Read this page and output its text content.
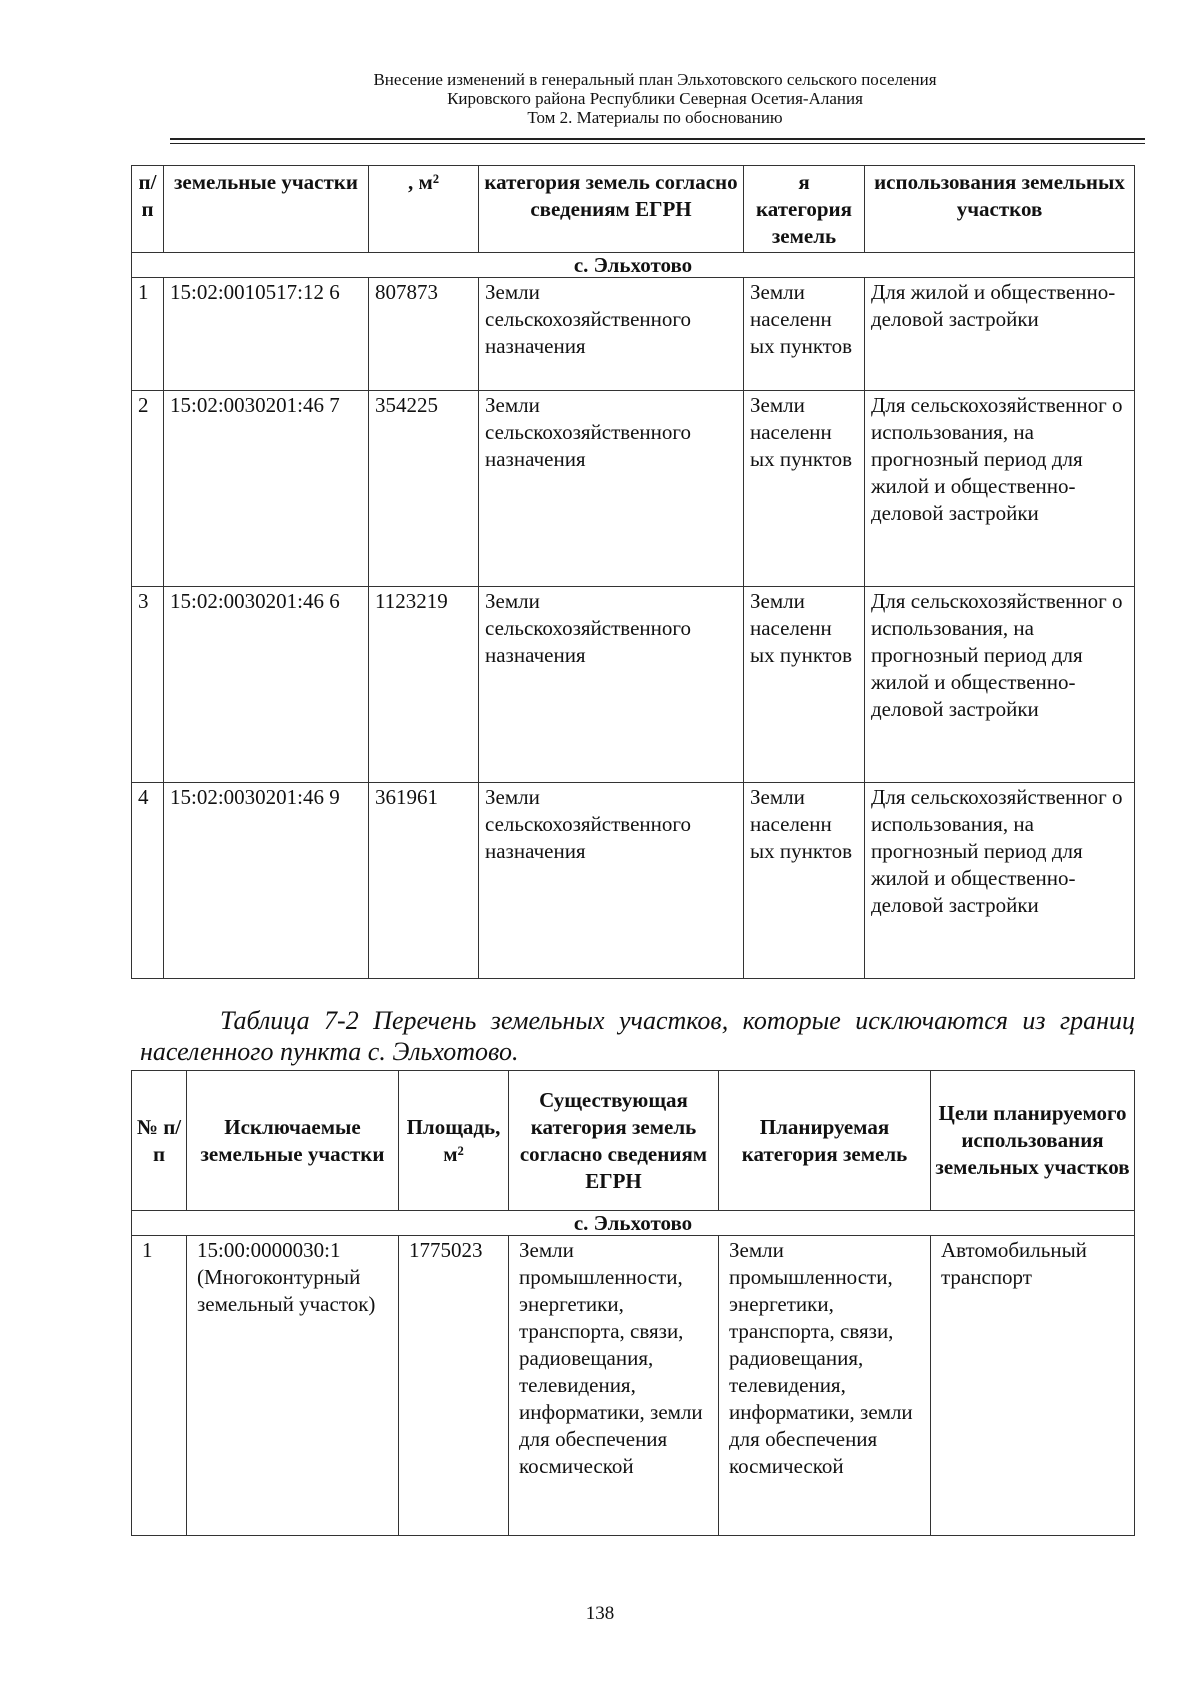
Внесение изменений в генеральный план Эльхотовского сельского поселения
Кировского района Республики Северная Осетия-Алания
Том 2. Материалы по обоснованию
п/ п	земельные участки	, м²	категория земель согласно сведениям ЕГРН	я категория земель	использования земельных участков
с. Эльхотово					
1	15:02:0010517:12 6	807873	Земли сельскохозяйственного назначения	Земли населенн ых пунктов	Для жилой и общественно-деловой застройки
2	15:02:0030201:46 7	354225	Земли сельскохозяйственного назначения	Земли населенн ых пунктов	Для сельскохозяйственног о использования, на прогнозный период для жилой и общественно-деловой застройки
3	15:02:0030201:46 6	1123219	Земли сельскохозяйственного назначения	Земли населенн ых пунктов	Для сельскохозяйственног о использования, на прогнозный период для жилой и общественно-деловой застройки
4	15:02:0030201:46 9	361961	Земли сельскохозяйственного назначения	Земли населенн ых пунктов	Для сельскохозяйственног о использования, на прогнозный период для жилой и общественно-деловой застройки
Таблица 7-2 Перечень земельных участков, которые исключаются из границ населенного пункта с. Эльхотово.
№ п/п	Исключаемые земельные участки	Площадь, м²	Существующая категория земель согласно сведениям ЕГРН	Планируемая категория земель	Цели планируемого использования земельных участков
с. Эльхотово					
1	15:00:0000030:1 (Многоконтурный земельный участок)	1775023	Земли промышленности, энергетики, транспорта, связи, радиовещания, телевидения, информатики, земли для обеспечения космической	Земли промышленности, энергетики, транспорта, связи, радиовещания, телевидения, информатики, земли для обеспечения космической	Автомобильный транспорт
138
